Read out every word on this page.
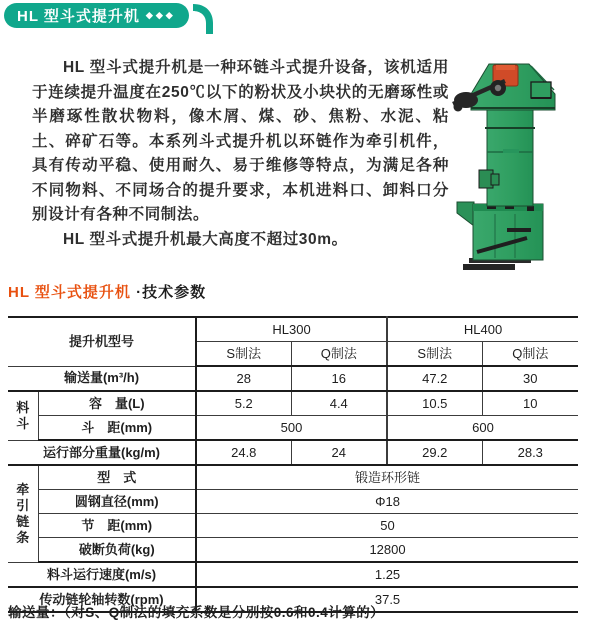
HL 型斗式提升机 ◆◆◆

HL 型斗式提升机是一种环链斗式提升设备，该机适用于连续提升温度在250℃以下的粉状及小块状的无磨琢性或半磨琢性散状物料，像木屑、煤、砂、焦粉、水泥、粘土、碎矿石等。本系列斗式提升机以环链作为牵引机件，具有传动平稳、使用耐久、易于维修等特点，为满足各种不同物料、不同场合的提升要求，本机进料口、卸料口分别设计有各种不同制法。

HL 型斗式提升机最大高度不超过30m。

HL 型斗式提升机 ·技术参数
提升机型号		HL300		HL400	
		S制法	Q制法	S制法	Q制法
输送量(m³/h)		28	16	47.2	30
料斗	容　量(L)	5.2	4.4	10.5	10
	斗　距(mm)	500		600	
运行部分重量(kg/m)		24.8	24	29.2	28.3
牵引链条	型　式	锻造环形链			
	圆钢直径(mm)	Φ18			
	节　距(mm)	50			
	破断负荷(kg)	12800			
料斗运行速度(m/s)		1.25			
传动链轮轴转数(rpm)		37.5			
输送量：（对S、Q制法的填充系数是分别按0.6和0.4计算的）
